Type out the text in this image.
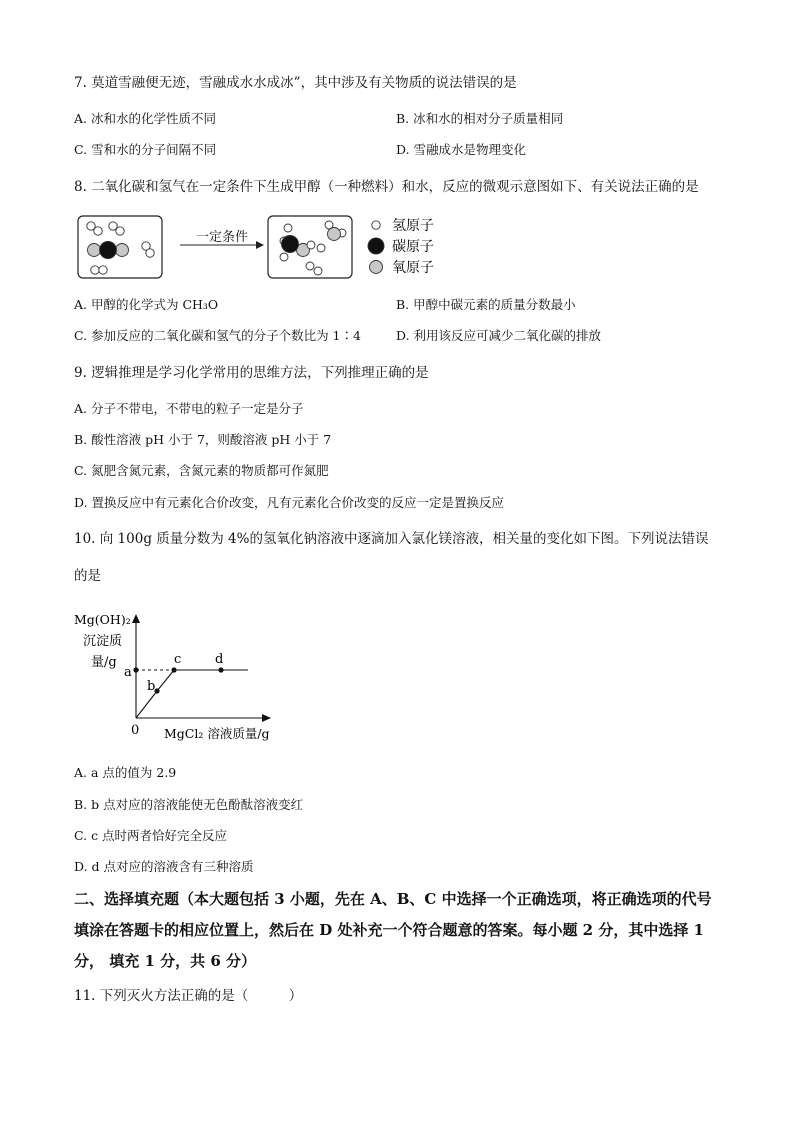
7. 莫道雪融便无迹，雪融成水水成冰”，其中涉及有关物质的说法错误的是
A. 冰和水的化学性质不同	B. 冰和水的相对分子质量相同
C. 雪和水的分子间隔不同	D. 雪融成水是物理变化
8. 二氧化碳和氢气在一定条件下生成甲醇（一种燃料）和水，反应的微观示意图如下、有关说法正确的是
一定条件
氢原子
碳原子
氧原子
A. 甲醇的化学式为 CH₃O	B. 甲醇中碳元素的质量分数最小
C. 参加反应的二氧化碳和氢气的分子个数比为 1∶4	D. 利用该反应可减少二氧化碳的排放
9. 逻辑推理是学习化学常用的思维方法，下列推理正确的是
A. 分子不带电，不带电的粒子一定是分子
B. 酸性溶液 pH 小于 7，则酸溶液 pH 小于 7
C. 氮肥含氮元素，含氮元素的物质都可作氮肥
D. 置换反应中有元素化合价改变，凡有元素化合价改变的反应一定是置换反应
10. 向 100g 质量分数为 4%的氢氧化钠溶液中逐滴加入氯化镁溶液，相关量的变化如下图。下列说法错误
的是
Mg(OH)₂
沉淀质
量/g
a
b
c	d
0 MgCl₂ 溶液质量/g
A. a 点的值为 2.9
B. b 点对应的溶液能使无色酚酞溶液变红
C. c 点时两者恰好完全反应
D. d 点对应的溶液含有三种溶质
二、选择填充题（本大题包括 3 小题，先在 A、B、C 中选择一个正确选项，将正确选项的代号填涂在答题卡的相应位置上，然后在 D 处补充一个符合题意的答案。每小题 2 分，其中选择 1 分， 填充 1 分，共 6 分）
11. 下列灭火方法正确的是（　　　）
